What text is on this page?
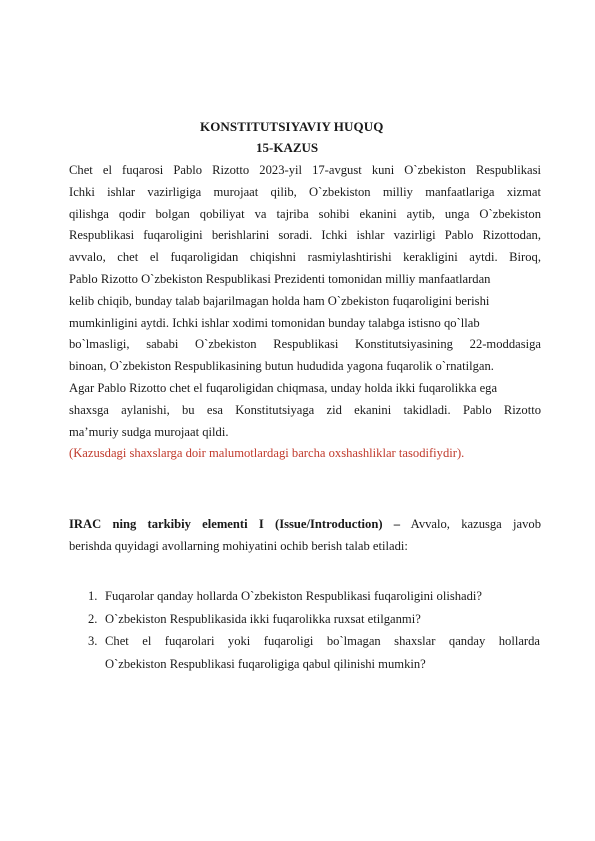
KONSTITUTSIYAVIY HUQUQ
15-KAZUS
Chet el fuqarosi Pablo Rizotto 2023-yil 17-avgust kuni O`zbekiston Respublikasi
Ichki ishlar vazirligiga murojaat qilib, O`zbekiston milliy manfaatlariga xizmat
qilishga qodir bolgan qobiliyat va tajriba sohibi ekanini aytib, unga O`zbekiston
Respublikasi fuqaroligini berishlarini soradi. Ichki ishlar vazirligi Pablo Rizottodan,
avvalo, chet el fuqaroligidan chiqishni rasmiylashtirishi kerakligini aytdi. Biroq,
Pablo Rizotto O`zbekiston Respublikasi Prezidenti tomonidan milliy manfaatlardan
kelib chiqib, bunday talab bajarilmagan holda ham O`zbekiston fuqaroligini berishi
mumkinligini aytdi. Ichki ishlar xodimi tomonidan bunday talabga istisno qo`llab
bo`lmasligi, sababi O`zbekiston Respublikasi Konstitutsiyasining 22-moddasiga
binoan, O`zbekiston Respublikasining butun hududida yagona fuqarolik o`rnatilgan.
Agar Pablo Rizotto chet el fuqaroligidan chiqmasa, unday holda ikki fuqarolikka ega
shaxsga aylanishi, bu esa Konstitutsiyaga zid ekanini takidladi. Pablo Rizotto
ma’muriy sudga murojaat qildi.
(Kazusdagi shaxslarga doir malumotlardagi barcha oxshashliklar tasodifiydir).
IRAC ning tarkibiy elementi I (Issue/Introduction) – Avvalo, kazusga javob
berishda quyidagi avollarning mohiyatini ochib berish talab etiladi:
1. Fuqarolar qanday hollarda O`zbekiston Respublikasi fuqaroligini olishadi?
2. O`zbekiston Respublikasida ikki fuqarolikka ruxsat etilganmi?
3. Chet el fuqarolari yoki fuqaroligi bo`lmagan shaxslar qanday hollarda
O`zbekiston Respublikasi fuqaroligiga qabul qilinishi mumkin?
